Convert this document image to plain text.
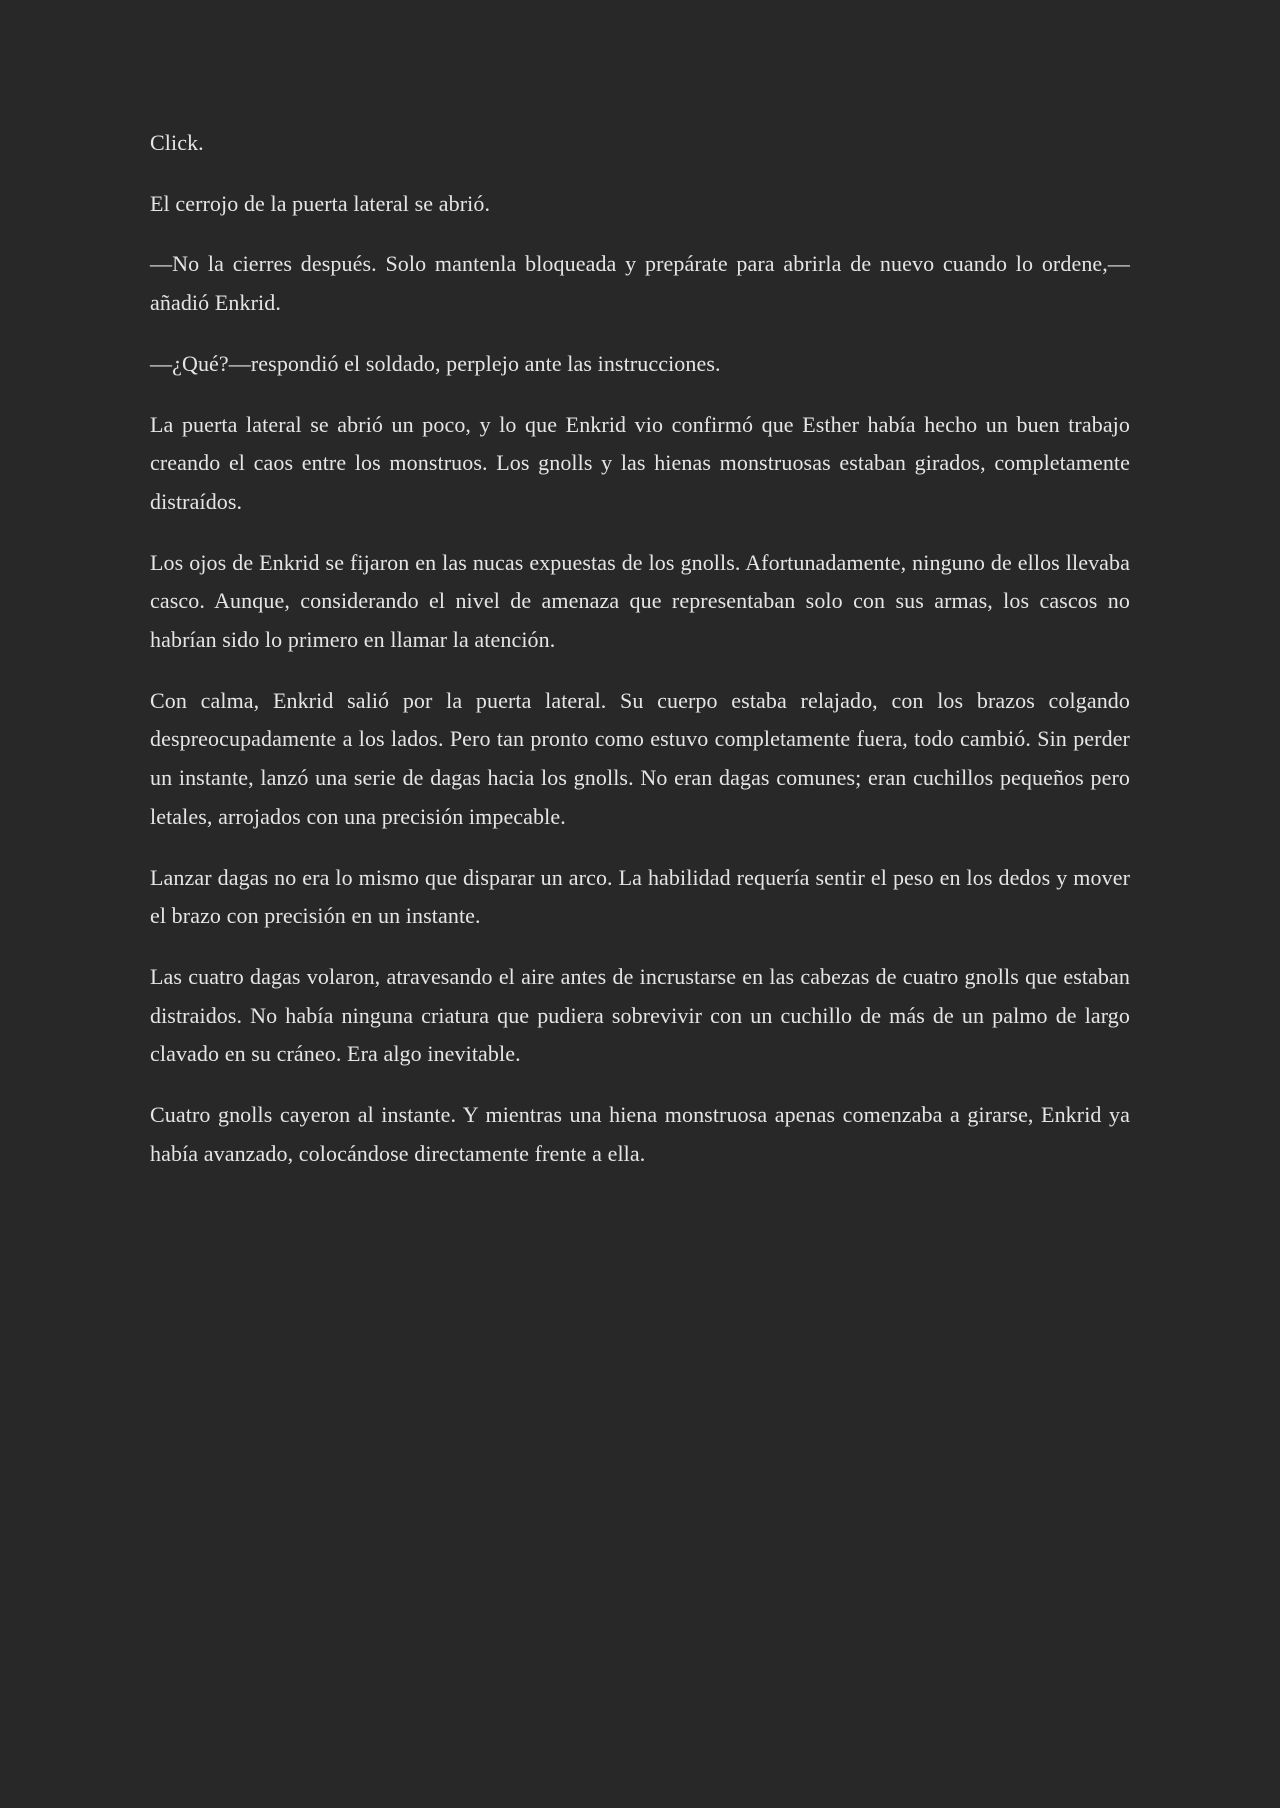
Click.

El cerrojo de la puerta lateral se abrió.

—No la cierres después. Solo mantenla bloqueada y prepárate para abrirla de nuevo cuando lo ordene,—añadió Enkrid.

—¿Qué?—respondió el soldado, perplejo ante las instrucciones.

La puerta lateral se abrió un poco, y lo que Enkrid vio confirmó que Esther había hecho un buen trabajo creando el caos entre los monstruos. Los gnolls y las hienas monstruosas estaban girados, completamente distraídos.

Los ojos de Enkrid se fijaron en las nucas expuestas de los gnolls. Afortunadamente, ninguno de ellos llevaba casco. Aunque, considerando el nivel de amenaza que representaban solo con sus armas, los cascos no habrían sido lo primero en llamar la atención.

Con calma, Enkrid salió por la puerta lateral. Su cuerpo estaba relajado, con los brazos colgando despreocupadamente a los lados. Pero tan pronto como estuvo completamente fuera, todo cambió. Sin perder un instante, lanzó una serie de dagas hacia los gnolls. No eran dagas comunes; eran cuchillos pequeños pero letales, arrojados con una precisión impecable.

Lanzar dagas no era lo mismo que disparar un arco. La habilidad requería sentir el peso en los dedos y mover el brazo con precisión en un instante.

Las cuatro dagas volaron, atravesando el aire antes de incrustarse en las cabezas de cuatro gnolls que estaban distraidos. No había ninguna criatura que pudiera sobrevivir con un cuchillo de más de un palmo de largo clavado en su cráneo. Era algo inevitable.

Cuatro gnolls cayeron al instante. Y mientras una hiena monstruosa apenas comenzaba a girarse, Enkrid ya había avanzado, colocándose directamente frente a ella.
